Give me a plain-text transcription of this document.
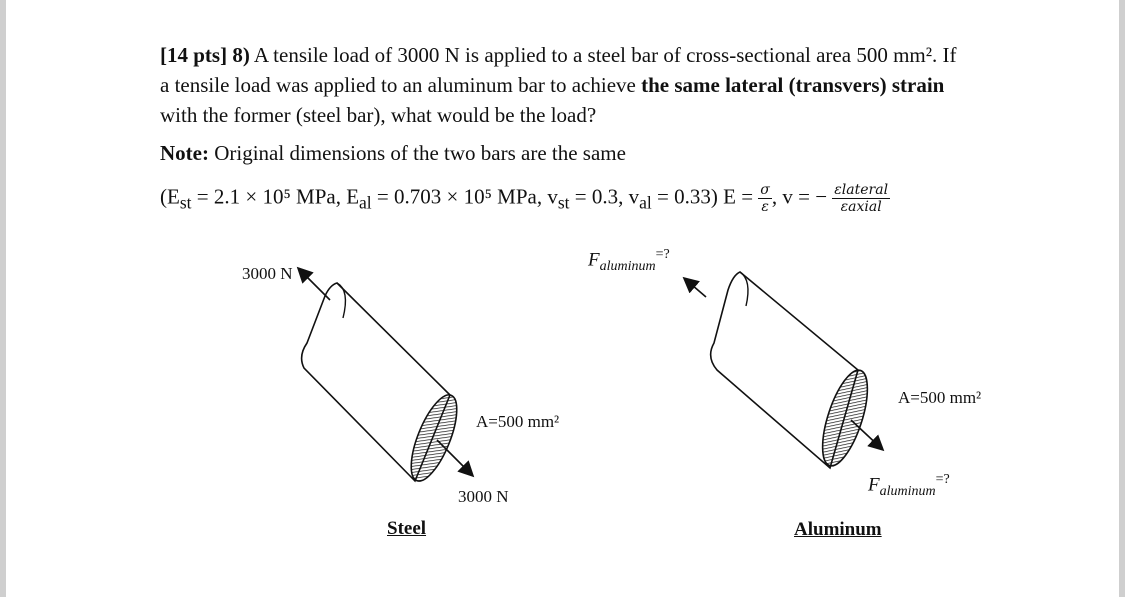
[14 pts] 8) A tensile load of 3000 N is applied to a steel bar of cross-sectional area 500 mm². If

a tensile load was applied to an aluminum bar to achieve the same lateral (transvers) strain

with the former (steel bar), what would be the load?

Note: Original dimensions of the two bars are the same

($E_{st} = 2.1 \times 10^5$ MPa, $E_{al} = 0.703 \times 10^5$ MPa, $v_{st} = 0.3$, $v_{al} = 0.33$) $E = \frac{\sigma}{\varepsilon}$ , v = − $\frac{\text{εlateral}}{\text{εaxial}}$
3000 N
A=500 mm²
3000 N
$F_{aluminum}^{=?}$
A=500 mm²
$F_{aluminum}^{=?}$
Steel	Aluminum
